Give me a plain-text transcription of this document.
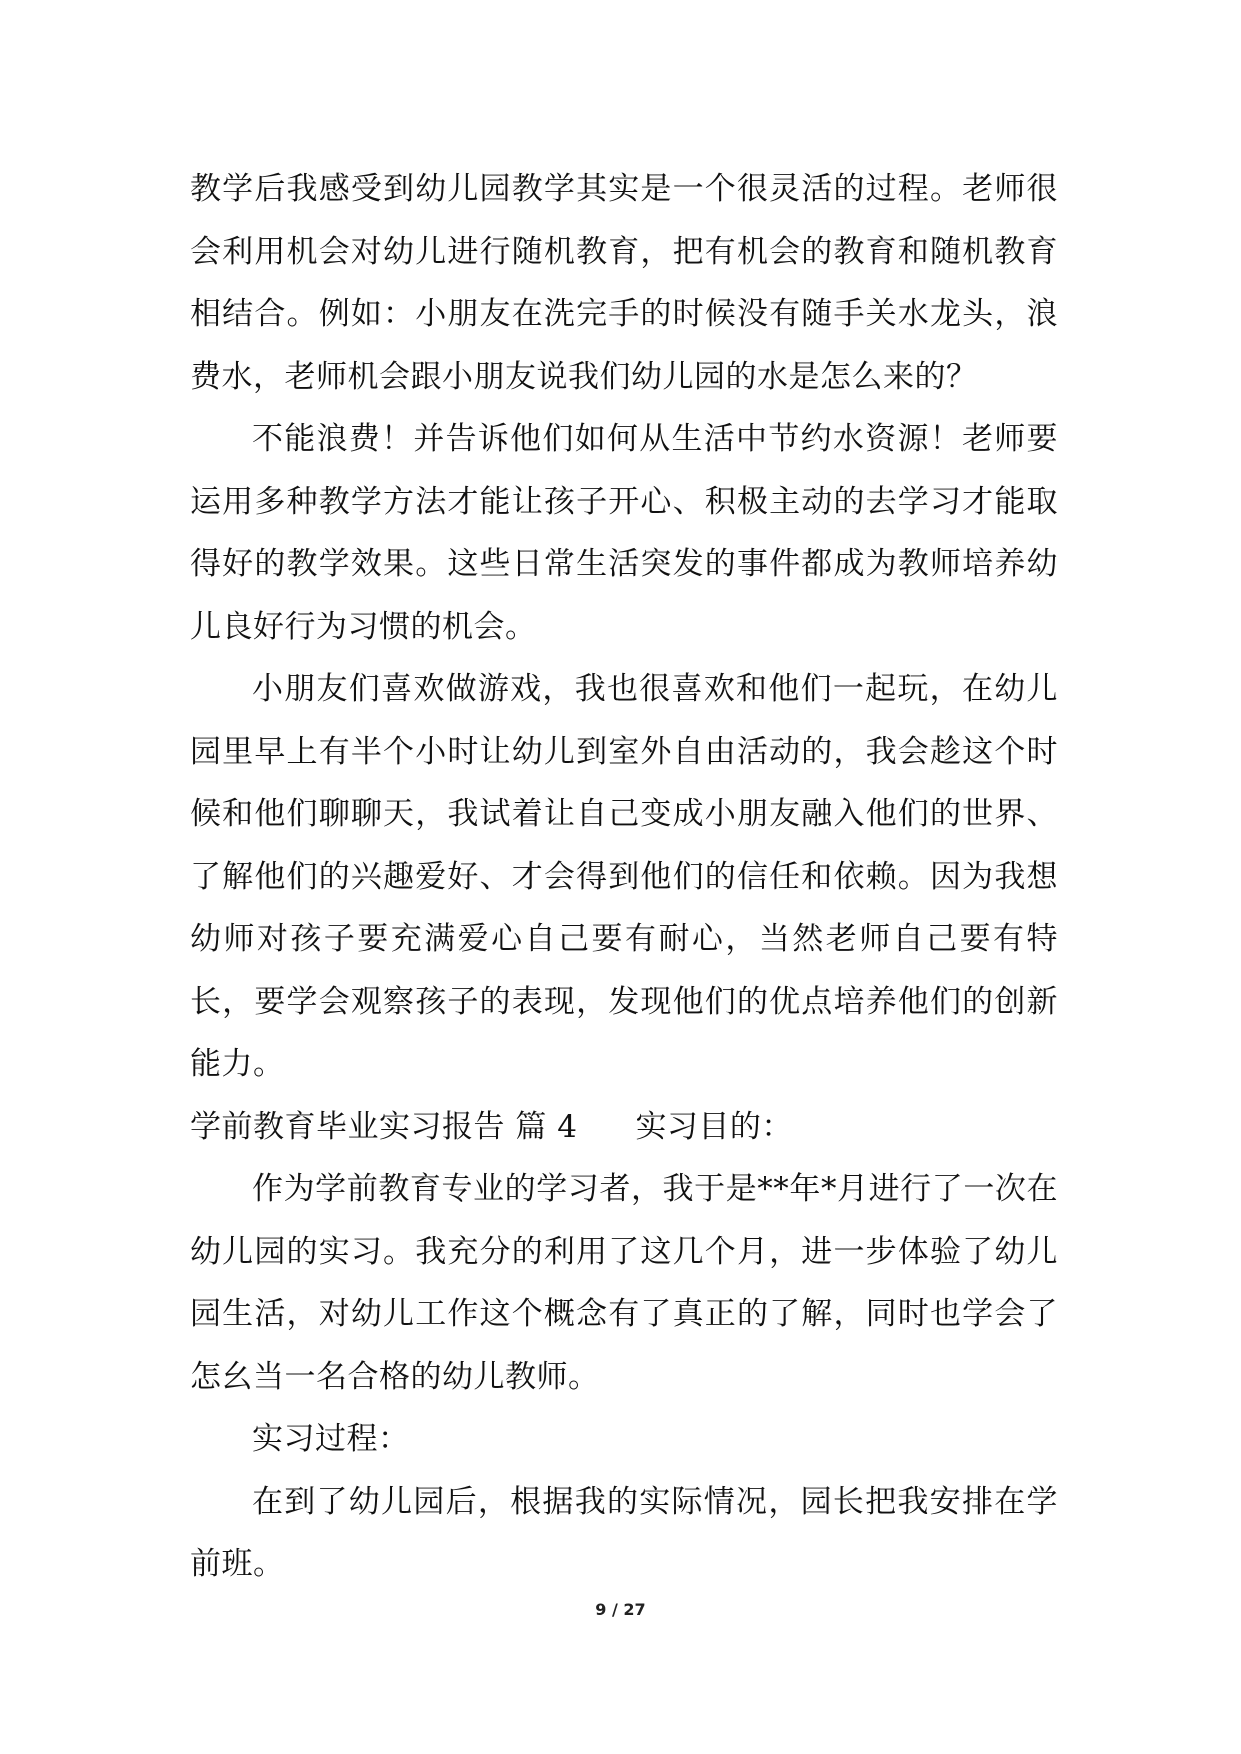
教学后我感受到幼儿园教学其实是一个很灵活的过程。老师很会利用机会对幼儿进行随机教育，把有机会的教育和随机教育相结合。例如：小朋友在洗完手的时候没有随手关水龙头，浪费水，老师机会跟小朋友说我们幼儿园的水是怎么来的？

不能浪费！并告诉他们如何从生活中节约水资源！老师要运用多种教学方法才能让孩子开心、积极主动的去学习才能取得好的教学效果。这些日常生活突发的事件都成为教师培养幼儿良好行为习惯的机会。

小朋友们喜欢做游戏，我也很喜欢和他们一起玩，在幼儿园里早上有半个小时让幼儿到室外自由活动的，我会趁这个时候和他们聊聊天，我试着让自己变成小朋友融入他们的世界、了解他们的兴趣爱好、才会得到他们的信任和依赖。因为我想幼师对孩子要充满爱心自己要有耐心，当然老师自己要有特长，要学会观察孩子的表现，发现他们的优点培养他们的创新能力。

学前教育毕业实习报告 篇 4 实习目的：

作为学前教育专业的学习者，我于是**年*月进行了一次在幼儿园的实习。我充分的利用了这几个月，进一步体验了幼儿园生活，对幼儿工作这个概念有了真正的了解，同时也学会了怎幺当一名合格的幼儿教师。

实习过程：

在到了幼儿园后，根据我的实际情况，园长把我安排在学前班。

9 / 27
